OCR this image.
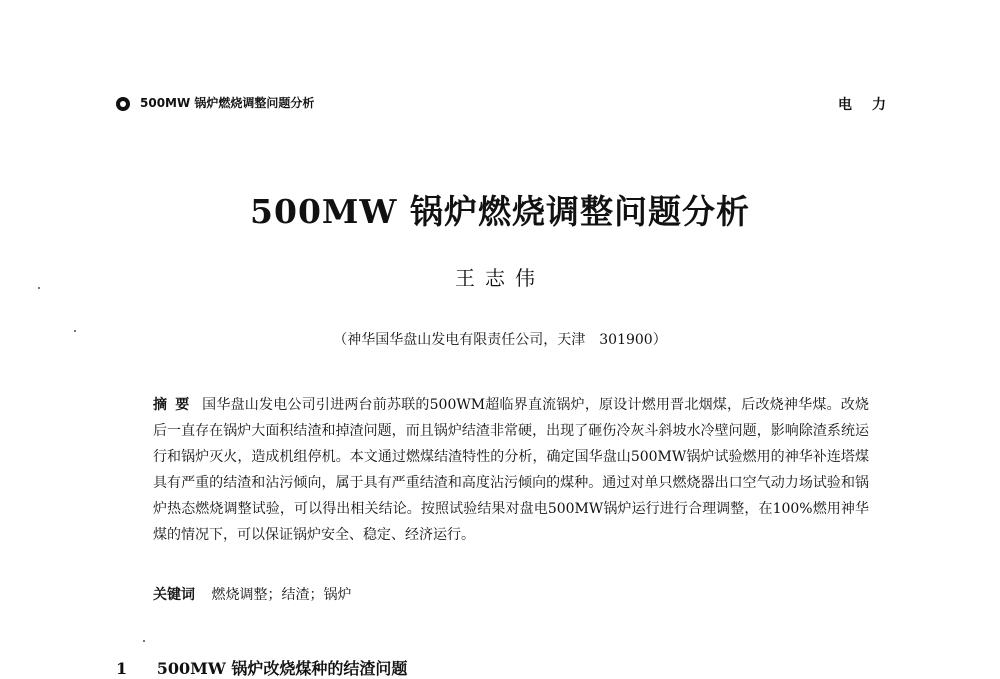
500MW 锅炉燃烧调整问题分析	电力
500MW 锅炉燃烧调整问题分析
王志伟
（神华国华盘山发电有限责任公司，天津　301900）
摘要 国华盘山发电公司引进两台前苏联的500WM超临界直流锅炉，原设计燃用晋北烟煤，后改烧神华煤。改烧后一直存在锅炉大面积结渣和掉渣问题，而且锅炉结渣非常硬，出现了砸伤冷灰斗斜坡水冷壁问题，影响除渣系统运行和锅炉灭火，造成机组停机。本文通过燃煤结渣特性的分析，确定国华盘山500MW锅炉试验燃用的神华补连塔煤具有严重的结渣和沾污倾向，属于具有严重结渣和高度沾污倾向的煤种。通过对单只燃烧器出口空气动力场试验和锅炉热态燃烧调整试验，可以得出相关结论。按照试验结果对盘电500MW锅炉运行进行合理调整，在100%燃用神华煤的情况下，可以保证锅炉安全、稳定、经济运行。
关键词 燃烧调整；结渣；锅炉
1 500MW 锅炉改烧煤种的结渣问题
